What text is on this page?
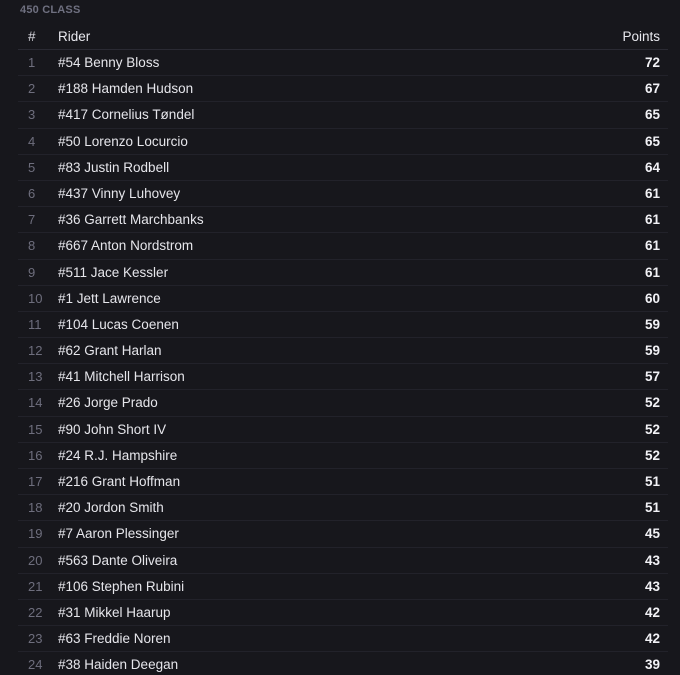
450 CLASS
# Rider	Points
1 #54 Benny Bloss	72
2 #188 Hamden Hudson	67
3 #417 Cornelius Tøndel	65
4 #50 Lorenzo Locurcio	65
5 #83 Justin Rodbell	64
6 #437 Vinny Luhovey	61
7 #36 Garrett Marchbanks	61
8 #667 Anton Nordstrom	61
9 #511 Jace Kessler	61
10 #1 Jett Lawrence	60
11 #104 Lucas Coenen	59
12 #62 Grant Harlan	59
13 #41 Mitchell Harrison	57
14 #26 Jorge Prado	52
15 #90 John Short IV	52
16 #24 R.J. Hampshire	52
17 #216 Grant Hoffman	51
18 #20 Jordon Smith	51
19 #7 Aaron Plessinger	45
20 #563 Dante Oliveira	43
21 #106 Stephen Rubini	43
22 #31 Mikkel Haarup	42
23 #63 Freddie Noren	42
24 #38 Haiden Deegan	39
